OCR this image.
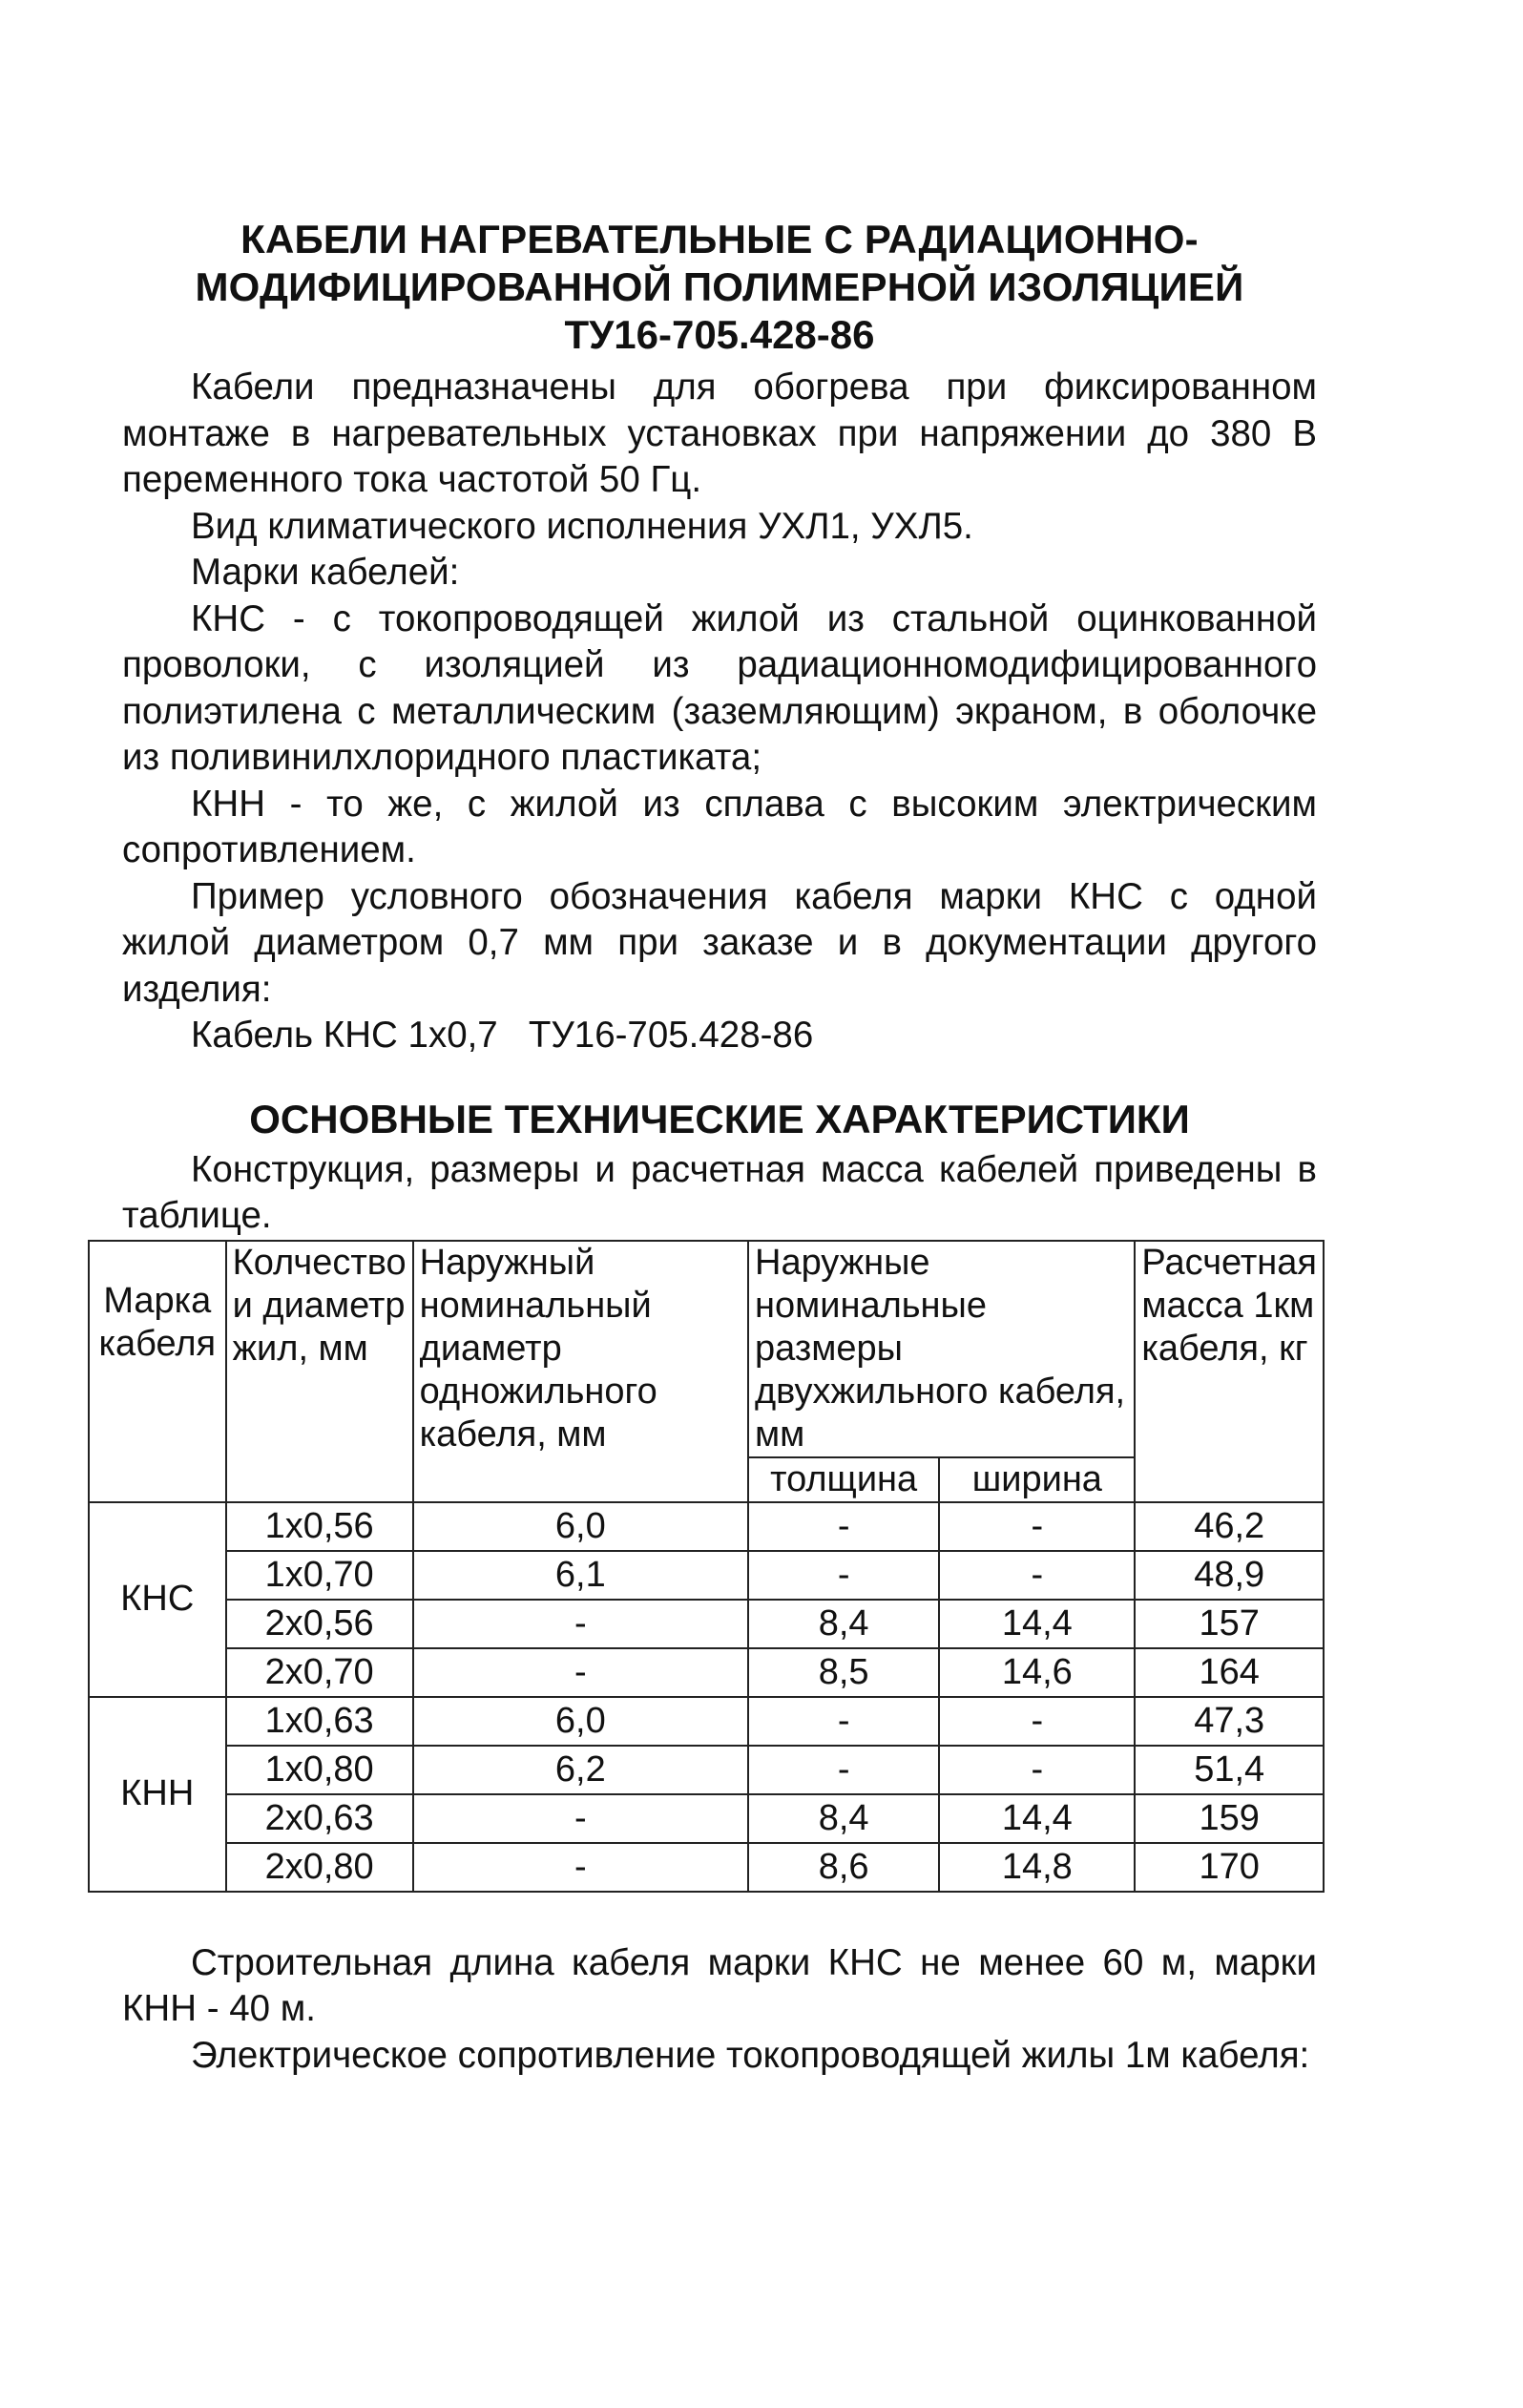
КАБЕЛИ НАГРЕВАТЕЛЬНЫЕ С РАДИАЦИОННО-
МОДИФИЦИРОВАННОЙ ПОЛИМЕРНОЙ ИЗОЛЯЦИЕЙ
ТУ16-705.428-86

Кабели предназначены для обогрева при фиксированном монтаже в нагревательных установках при напряжении до 380 В переменного тока частотой 50 Гц.

Вид климатического исполнения УХЛ1, УХЛ5.

Марки кабелей:

КНС - с токопроводящей жилой из стальной оцинкованной проволоки, с изоляцией из радиационномодифицированного полиэтилена с металлическим (заземляющим) экраном, в оболочке из поливинилхлоридного пластиката;

КНН - то же, с жилой из сплава с высоким электрическим сопротивлением.

Пример условного обозначения кабеля марки КНС с одной жилой диаметром 0,7 мм при заказе и в документации другого изделия:

Кабель КНС 1х0,7   ТУ16-705.428-86

ОСНОВНЫЕ ТЕХНИЧЕСКИЕ ХАРАКТЕРИСТИКИ

Конструкция, размеры и расчетная масса кабелей приведены в таблице.

Марка кабеля	Колчество и диаметр жил, мм	Наружный номинальный диаметр одножильного кабеля, мм	Наружные номинальные размеры двухжильного кабеля, мм		Расчетная масса 1км кабеля, кг
			толщина	ширина	
КНС	1х0,56	6,0	-	-	46,2
	1х0,70	6,1	-	-	48,9
	2х0,56	-	8,4	14,4	157
	2х0,70	-	8,5	14,6	164
КНН	1х0,63	6,0	-	-	47,3
	1х0,80	6,2	-	-	51,4
	2х0,63	-	8,4	14,4	159
	2х0,80	-	8,6	14,8	170

Строительная длина кабеля марки КНС не менее 60 м, марки КНН - 40 м.

Электрическое сопротивление токопроводящей жилы 1м кабеля:
